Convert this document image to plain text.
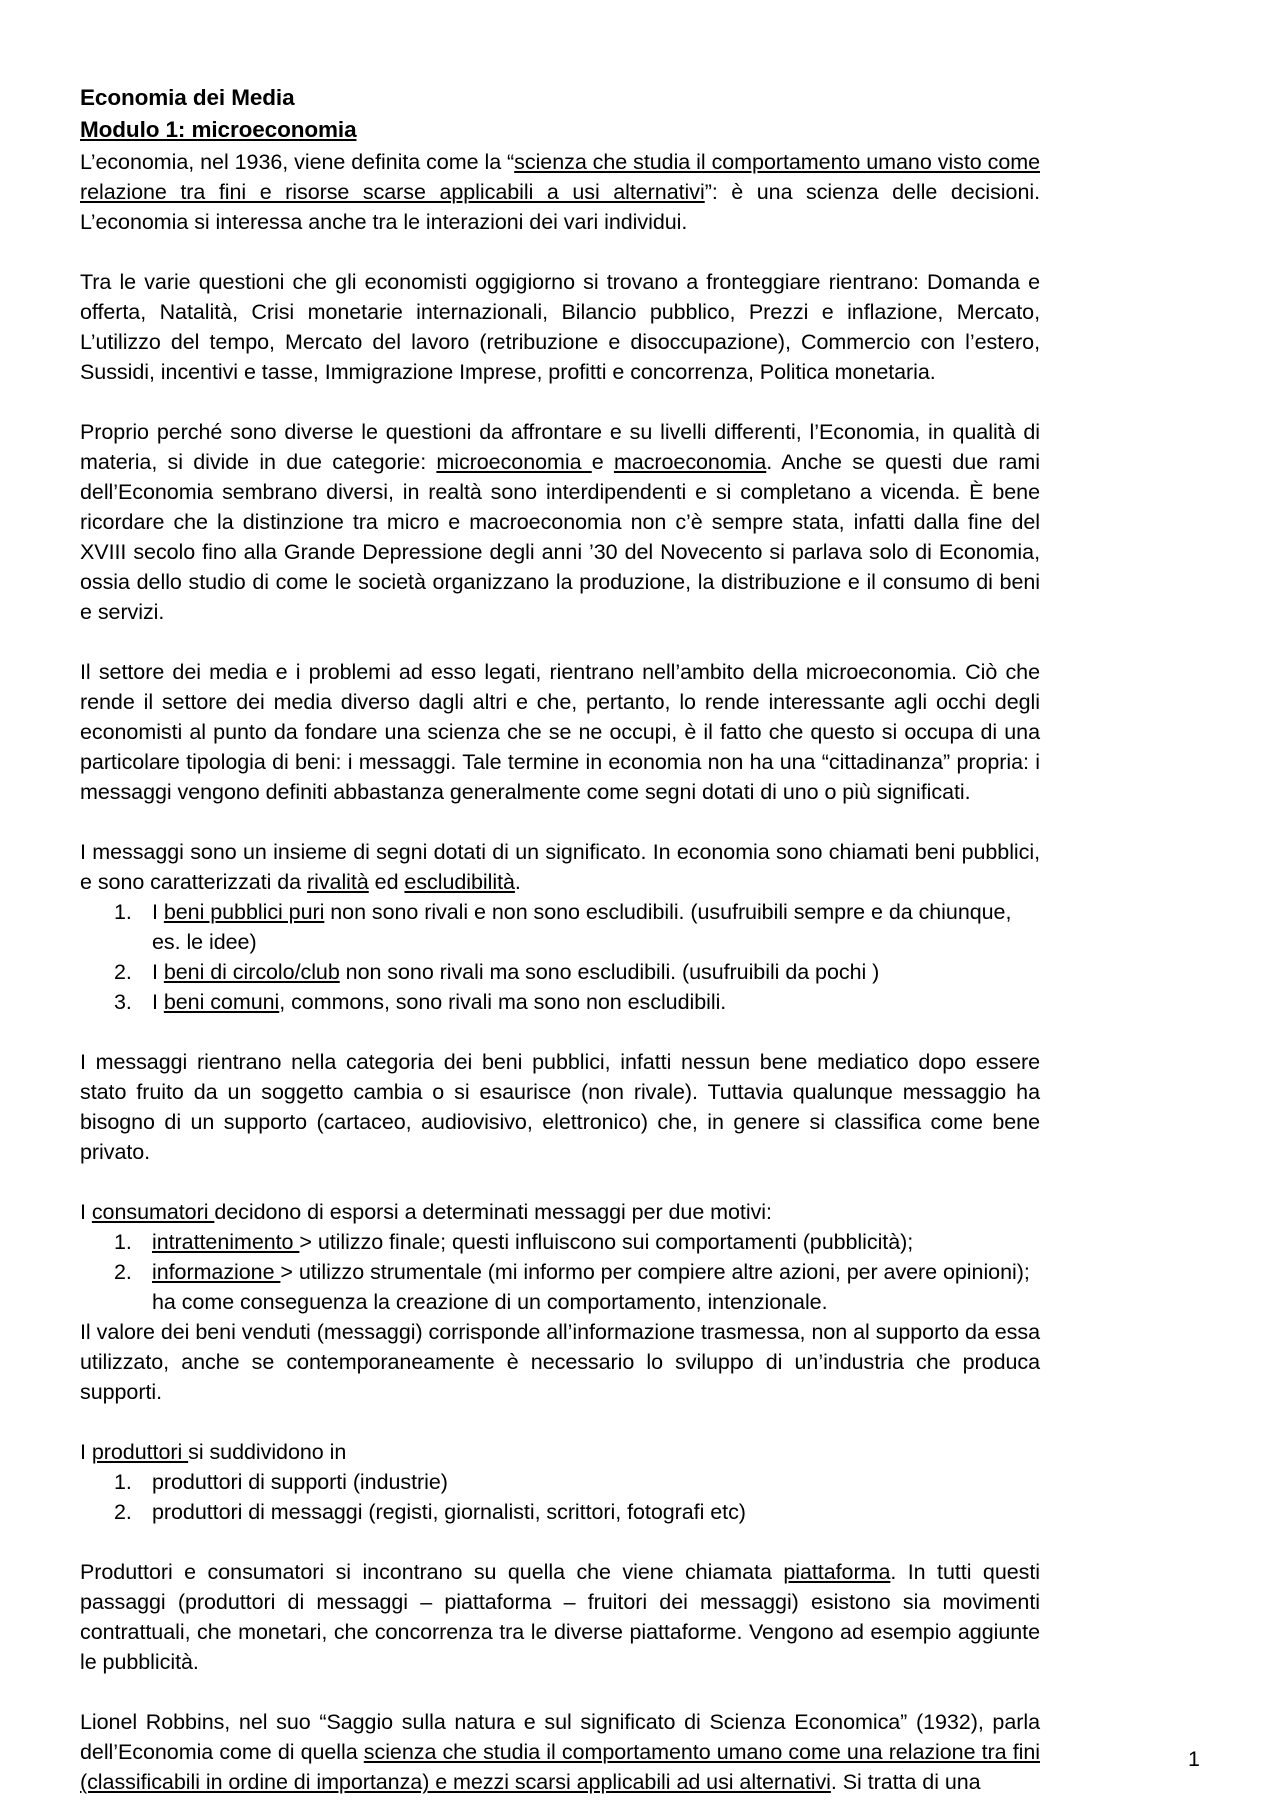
Economia dei Media
Modulo 1: microeconomia

L’economia, nel 1936, viene definita come la “scienza che studia il comportamento umano visto come relazione tra fini e risorse scarse applicabili a usi alternativi”: è una scienza delle decisioni. L’economia si interessa anche tra le interazioni dei vari individui.

Tra le varie questioni che gli economisti oggigiorno si trovano a fronteggiare rientrano: Domanda e offerta, Natalità, Crisi monetarie internazionali, Bilancio pubblico, Prezzi e inflazione, Mercato, L’utilizzo del tempo, Mercato del lavoro (retribuzione e disoccupazione), Commercio con l’estero, Sussidi, incentivi e tasse, Immigrazione Imprese, profitti e concorrenza, Politica monetaria.

Proprio perché sono diverse le questioni da affrontare e su livelli differenti, l’Economia, in qualità di materia, si divide in due categorie: microeconomia e macroeconomia. Anche se questi due rami dell’Economia sembrano diversi, in realtà sono interdipendenti e si completano a vicenda. È bene ricordare che la distinzione tra micro e macroeconomia non c’è sempre stata, infatti dalla fine del XVIII secolo fino alla Grande Depressione degli anni ’30 del Novecento si parlava solo di Economia, ossia dello studio di come le società organizzano la produzione, la distribuzione e il consumo di beni e servizi.

Il settore dei media e i problemi ad esso legati, rientrano nell’ambito della microeconomia. Ciò che rende il settore dei media diverso dagli altri e che, pertanto, lo rende interessante agli occhi degli economisti al punto da fondare una scienza che se ne occupi, è il fatto che questo si occupa di una particolare tipologia di beni: i messaggi. Tale termine in economia non ha una “cittadinanza” propria: i messaggi vengono definiti abbastanza generalmente come segni dotati di uno o più significati.

I messaggi sono un insieme di segni dotati di un significato. In economia sono chiamati beni pubblici, e sono caratterizzati da rivalità ed escludibilità.

I beni pubblici puri non sono rivali e non sono escludibili. (usufruibili sempre e da chiunque, es. le idee)
I beni di circolo/club non sono rivali ma sono escludibili. (usufruibili da pochi )
I beni comuni, commons, sono rivali ma sono non escludibili.

I messaggi rientrano nella categoria dei beni pubblici, infatti nessun bene mediatico dopo essere stato fruito da un soggetto cambia o si esaurisce (non rivale). Tuttavia qualunque messaggio ha bisogno di un supporto (cartaceo, audiovisivo, elettronico) che, in genere si classifica come bene privato.

I consumatori decidono di esporsi a determinati messaggi per due motivi:

intrattenimento > utilizzo finale; questi influiscono sui comportamenti (pubblicità);
informazione > utilizzo strumentale (mi informo per compiere altre azioni, per avere opinioni); ha come conseguenza la creazione di un comportamento, intenzionale.

Il valore dei beni venduti (messaggi) corrisponde all’informazione trasmessa, non al supporto da essa utilizzato, anche se contemporaneamente è necessario lo sviluppo di un’industria che produca supporti.

I produttori si suddividono in

produttori di supporti (industrie)
produttori di messaggi (registi, giornalisti, scrittori, fotografi etc)

Produttori e consumatori si incontrano su quella che viene chiamata piattaforma. In tutti questi passaggi (produttori di messaggi – piattaforma – fruitori dei messaggi) esistono sia movimenti contrattuali, che monetari, che concorrenza tra le diverse piattaforme. Vengono ad esempio aggiunte le pubblicità.

Lionel Robbins, nel suo “Saggio sulla natura e sul significato di Scienza Economica” (1932), parla dell’Economia come di quella scienza che studia il comportamento umano come una relazione tra fini (classificabili in ordine di importanza) e mezzi scarsi applicabili ad usi alternativi. Si tratta di una

1
